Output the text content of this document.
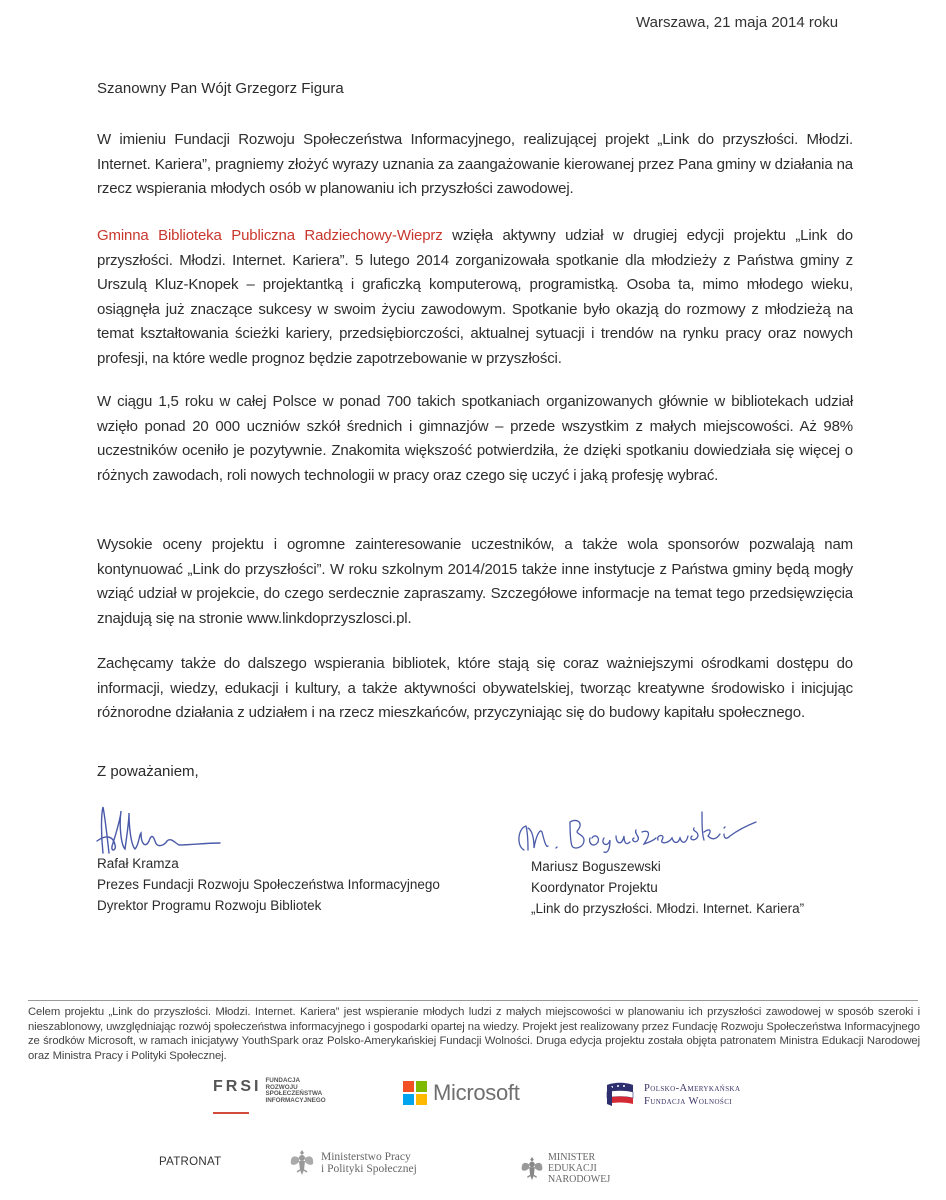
Warszawa, 21 maja 2014 roku
Szanowny Pan Wójt Grzegorz Figura
W imieniu Fundacji Rozwoju Społeczeństwa Informacyjnego, realizującej projekt „Link do przyszłości. Młodzi. Internet. Kariera”, pragniemy złożyć wyrazy uznania za zaangażowanie kierowanej przez Pana gminy w działania na rzecz wspierania młodych osób w planowaniu ich przyszłości zawodowej.
Gminna Biblioteka Publiczna Radziechowy-Wieprz wzięła aktywny udział w drugiej edycji projektu „Link do przyszłości. Młodzi. Internet. Kariera”. 5 lutego 2014 zorganizowała spotkanie dla młodzieży z Państwa gminy z Urszulą Kluz-Knopek – projektantką i graficzką komputerową, programistką. Osoba ta, mimo młodego wieku, osiągnęła już znaczące sukcesy w swoim życiu zawodowym. Spotkanie było okazją do rozmowy z młodzieżą na temat kształtowania ścieżki kariery, przedsiębiorczości, aktualnej sytuacji i trendów na rynku pracy oraz nowych profesji, na które wedle prognoz będzie zapotrzebowanie w przyszłości.
W ciągu 1,5 roku w całej Polsce w ponad 700 takich spotkaniach organizowanych głównie w bibliotekach udział wzięło ponad 20 000 uczniów szkół średnich i gimnazjów – przede wszystkim z małych miejscowości. Aż 98% uczestników oceniło je pozytywnie. Znakomita większość potwierdziła, że dzięki spotkaniu dowiedziała się więcej o różnych zawodach, roli nowych technologii w pracy oraz czego się uczyć i jaką profesję wybrać.
Wysokie oceny projektu i ogromne zainteresowanie uczestników, a także wola sponsorów pozwalają nam kontynuować „Link do przyszłości”. W roku szkolnym 2014/2015 także inne instytucje z Państwa gminy będą mogły wziąć udział w projekcie, do czego serdecznie zapraszamy. Szczegółowe informacje na temat tego przedsięwzięcia znajdują się na stronie www.linkdoprzyszlosci.pl.
Zachęcamy także do dalszego wspierania bibliotek, które stają się coraz ważniejszymi ośrodkami dostępu do informacji, wiedzy, edukacji i kultury, a także aktywności obywatelskiej, tworząc kreatywne środowisko i inicjując różnorodne działania z udziałem i na rzecz mieszkańców, przyczyniając się do budowy kapitału społecznego.
Z poważaniem,
Rafał Kramza
Prezes Fundacji Rozwoju Społeczeństwa Informacyjnego
Dyrektor Programu Rozwoju Bibliotek
Mariusz Boguszewski
Koordynator Projektu
„Link do przyszłości. Młodzi. Internet. Kariera”
Celem projektu „Link do przyszłości. Młodzi. Internet. Kariera” jest wspieranie młodych ludzi z małych miejscowości w planowaniu ich przyszłości zawodowej w sposób szeroki i nieszablonowy, uwzględniając rozwój społeczeństwa informacyjnego i gospodarki opartej na wiedzy. Projekt jest realizowany przez Fundację Rozwoju Społeczeństwa Informacyjnego ze środków Microsoft, w ramach inicjatywy YouthSpark oraz Polsko-Amerykańskiej Fundacji Wolności. Druga edycja projektu została objęta patronatem Ministra Edukacji Narodowej oraz Ministra Pracy i Polityki Społecznej.
FRSI FUNDACJA
ROZWOJU
SPOŁECZEŃSTWA
INFORMACYJNEGO	Microsoft	Polsko-Amerykańska
Fundacja Wolności
PATRONAT	Ministerstwo Pracy
i Polityki Społecznej
MINISTER
EDUKACJI
NARODOWEJ
